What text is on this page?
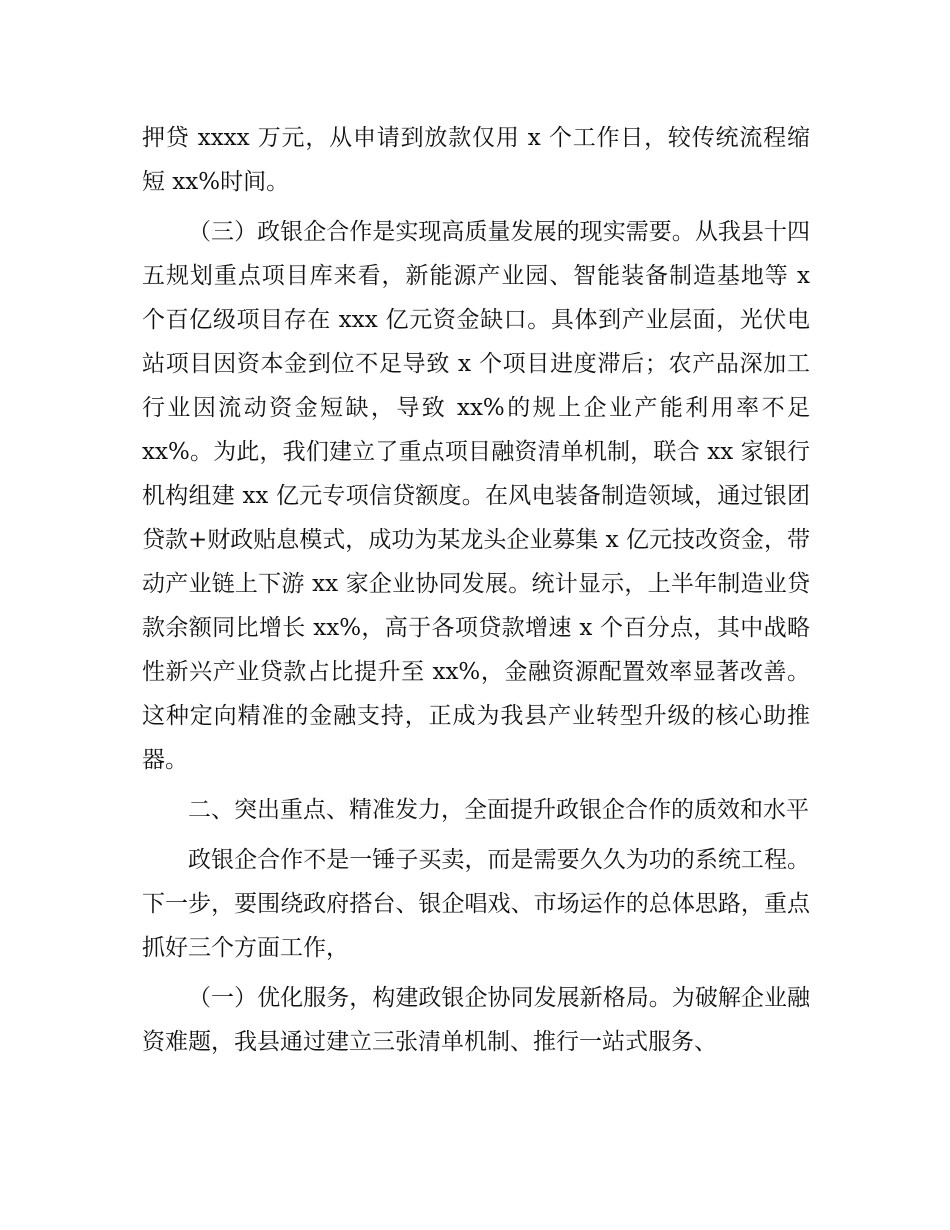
押贷 xxxx 万元，从申请到放款仅用 x 个工作日，较传统流程缩短 xx%时间。

（三）政银企合作是实现高质量发展的现实需要。从我县十四五规划重点项目库来看，新能源产业园、智能装备制造基地等 x 个百亿级项目存在 xxx 亿元资金缺口。具体到产业层面，光伏电站项目因资本金到位不足导致 x 个项目进度滞后；农产品深加工行业因流动资金短缺，导致 xx%的规上企业产能利用率不足 xx%。为此，我们建立了重点项目融资清单机制，联合 xx 家银行机构组建 xx 亿元专项信贷额度。在风电装备制造领域，通过银团贷款+财政贴息模式，成功为某龙头企业募集 x 亿元技改资金，带动产业链上下游 xx 家企业协同发展。统计显示，上半年制造业贷款余额同比增长 xx%，高于各项贷款增速 x 个百分点，其中战略性新兴产业贷款占比提升至 xx%，金融资源配置效率显著改善。这种定向精准的金融支持，正成为我县产业转型升级的核心助推器。

二、突出重点、精准发力，全面提升政银企合作的质效和水平

政银企合作不是一锤子买卖，而是需要久久为功的系统工程。下一步，要围绕政府搭台、银企唱戏、市场运作的总体思路，重点抓好三个方面工作，

（一）优化服务，构建政银企协同发展新格局。为破解企业融资难题，我县通过建立三张清单机制、推行一站式服务、
